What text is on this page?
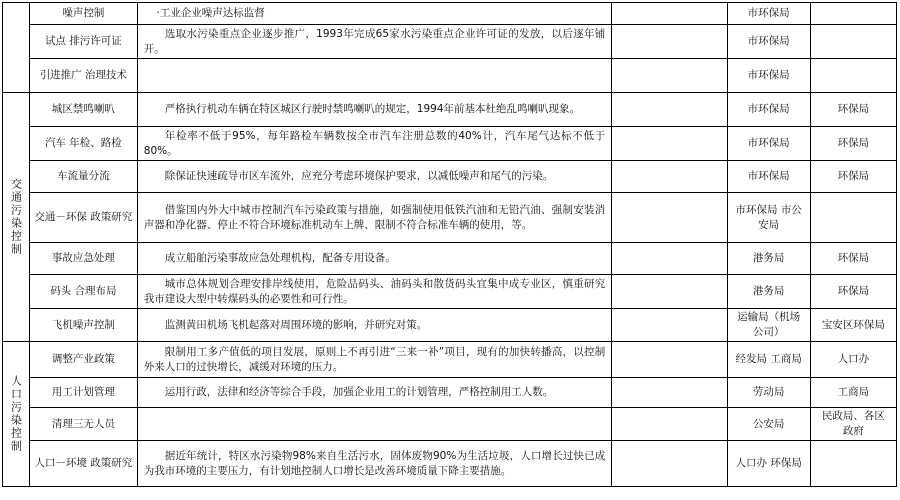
	噪声控制	·工业企业噪声达标监督		市环保局	
	试点 排污许可证	选取水污染重点企业逐步推广，1993年完成65家水污染重点企业许可证的发放，以后逐年铺开。		市环保局	
	引进推广 治理技术			市环保局	

交通污染控制	城区禁鸣喇叭	严格执行机动车辆在特区城区行驶时禁鸣喇叭的规定，1994年前基本杜绝乱鸣喇叭现象。		市环保局	环保局
	汽车 年检、路检	年检率不低于95%，每年路检车辆数按全市汽车注册总数的40%计，汽车尾气达标不低于80%。		市环保局	环保局
	车流量分流	除保证快速疏导市区车流外，应充分考虑环境保护要求，以减低噪声和尾气的污染。		市环保局	环保局
	交通－环保 政策研究	借鉴国内外大中城市控制汽车污染政策与措施，如强制使用低铁汽油和无铅汽油、强制安装消声器和净化器、停止不符合环境标准机动车上牌、限制不符合标准车辆的使用，等。		市环保局 市公安局	
	事故应急处理	成立船舶污染事故应急处理机构，配备专用设备。		港务局	环保局
	码头 合理布局	城市总体规划合理安排岸线使用，危险品码头、油码头和散货码头宜集中成专业区，慎重研究我市建设大型中转煤码头的必要性和可行性。		港务局	环保局
	飞机噪声控制	监测黄田机场飞机起落对周围环境的影响，并研究对策。		运输局（机场公司）	宝安区环保局

人口污染控制	调整产业政策	限制用工多产值低的项目发展，原则上不再引进“三来一补”项目，现有的加快转播高，以控制外来人口的过快增长，减缓对环境的压力。		经发局 工商局	人口办
	用工计划管理	运用行政，法律和经济等综合手段，加强企业用工的计划管理，严格控制用工人数。		劳动局	工商局
	清理三无人员			公安局	民政局、各区政府
	人口－环境 政策研究	据近年统计，特区水污染物98%来自生活污水，固体废物90%为生活垃圾，人口增长过快已成为我市环境的主要压力，有计划地控制人口增长是改善环境质量下降主要措施。		人口办 环保局	
